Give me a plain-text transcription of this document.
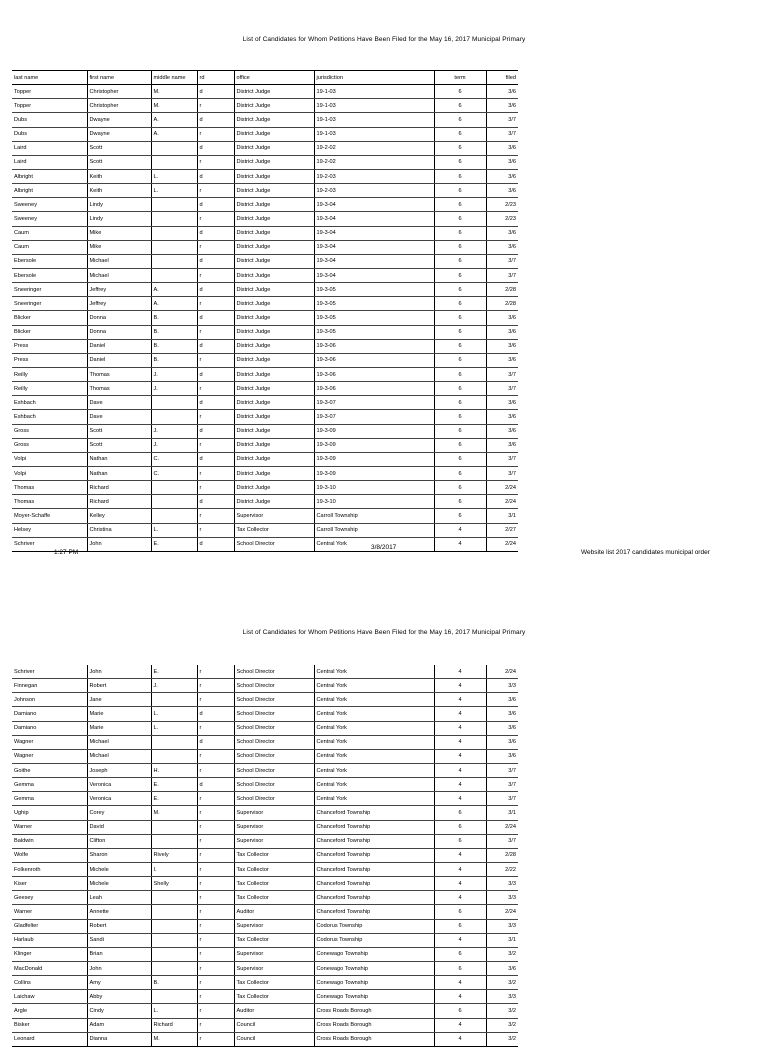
List of Candidates for Whom Petitions Have Been Filed for the May 16, 2017 Municipal Primary
last name	first name	middle name	rd	office	jurisdiction	term	filed
Topper	Christopher	M.	d	District Judge	19-1-03	6	3/6
Topper	Christopher	M.	r	District Judge	19-1-03	6	3/6
Dubs	Dwayne	A.	d	District Judge	19-1-03	6	3/7
Dubs	Dwayne	A.	r	District Judge	19-1-03	6	3/7
Laird	Scott		d	District Judge	19-2-02	6	3/6
Laird	Scott		r	District Judge	19-2-02	6	3/6
Albright	Keith	L.	d	District Judge	19-2-03	6	3/6
Albright	Keith	L.	r	District Judge	19-2-03	6	3/6
Sweeney	Lindy		d	District Judge	19-3-04	6	2/23
Sweeney	Lindy		r	District Judge	19-3-04	6	2/23
Caum	Mike		d	District Judge	19-3-04	6	3/6
Caum	Mike		r	District Judge	19-3-04	6	3/6
Ebersole	Michael		d	District Judge	19-3-04	6	3/7
Ebersole	Michael		r	District Judge	19-3-04	6	3/7
Sneeringer	Jeffrey	A.	d	District Judge	19-3-05	6	2/28
Sneeringer	Jeffrey	A.	r	District Judge	19-3-05	6	2/28
Blicker	Donna	B.	d	District Judge	19-3-05	6	3/6
Blicker	Donna	B.	r	District Judge	19-3-05	6	3/6
Press	Daniel	B.	d	District Judge	19-3-06	6	3/6
Press	Daniel	B.	r	District Judge	19-3-06	6	3/6
Reilly	Thomas	J.	d	District Judge	19-3-06	6	3/7
Reilly	Thomas	J.	r	District Judge	19-3-06	6	3/7
Eshbach	Dave		d	District Judge	19-3-07	6	3/6
Eshbach	Dave		r	District Judge	19-3-07	6	3/6
Gross	Scott	J.	d	District Judge	19-3-09	6	3/6
Gross	Scott	J.	r	District Judge	19-3-09	6	3/6
Volpi	Nathan	C.	d	District Judge	19-3-09	6	3/7
Volpi	Nathan	C.	r	District Judge	19-3-09	6	3/7
Thomas	Richard		r	District Judge	19-3-10	6	2/24
Thomas	Richard		d	District Judge	19-3-10	6	2/24
Moyer-Schaffe	Kelley		r	Supervisor	Carroll Township	6	3/1
Helsey	Christina	L.	r	Tax Collector	Carroll Township	4	2/27
Schriver	John	E.	d	School Director	Central York	4	2/24
1:27 PM
3/8/2017
Website list 2017 candidates municipal order
List of Candidates for Whom Petitions Have Been Filed for the May 16, 2017 Municipal Primary
Schriver	John	E.	r	School Director	Central York	4	2/24
Finnegan	Robert	J.	r	School Director	Central York	4	3/3
Johnson	Jane		r	School Director	Central York	4	3/6
Damiano	Marie	L.	d	School Director	Central York	4	3/6
Damiano	Marie	L.	r	School Director	Central York	4	3/6
Wagner	Michael		d	School Director	Central York	4	3/6
Wagner	Michael		r	School Director	Central York	4	3/6
Goithe	Joseph	H.	r	School Director	Central York	4	3/7
Gemma	Veronica	E.	d	School Director	Central York	4	3/7
Gemma	Veronica	E.	r	School Director	Central York	4	3/7
Ughip	Corey	M.	r	Supervisor	Chanceford Township	6	3/1
Warner	David		r	Supervisor	Chanceford Township	6	2/24
Baldwin	Clifton		r	Supervisor	Chanceford Township	6	3/7
Wolfe	Sharon	Rively	r	Tax Collector	Chanceford Township	4	2/28
Folkenroth	Michele	I.	r	Tax Collector	Chanceford Township	4	2/22
Kiser	Michele	Shelly	r	Tax Collector	Chanceford Township	4	3/3
Geesey	Leah		r	Tax Collector	Chanceford Township	4	3/3
Warner	Annette		r	Auditor	Chanceford Township	6	2/24
Gladfelter	Robert		r	Supervisor	Codorus Township	6	3/3
Harlaub	Sandi		r	Tax Collector	Codorus Township	4	3/1
Klinger	Brian		r	Supervisor	Conewago Township	6	3/2
MacDonald	John		r	Supervisor	Conewago Township	6	3/6
Collins	Amy	B.	r	Tax Collector	Conewago Township	4	3/2
Laichaw	Abby		r	Tax Collector	Conewago Township	4	3/3
Argle	Cindy	L.	r	Auditor	Cross Roads Borough	6	3/2
Bisker	Adam	Richard	r	Council	Cross Roads Borough	4	3/2
Leonard	Dianna	M.	r	Council	Cross Roads Borough	4	3/2
